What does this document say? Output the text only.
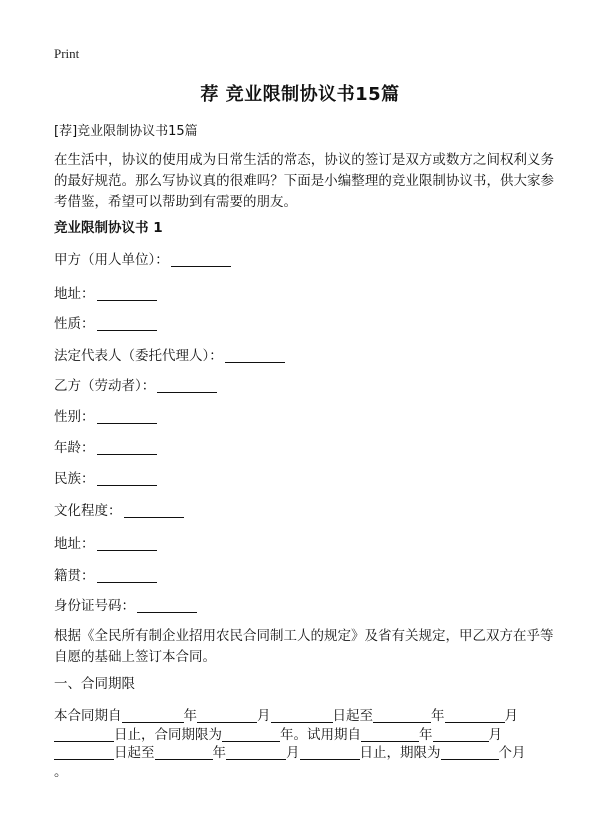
Print
荐 竞业限制协议书15篇
[荐]竞业限制协议书15篇
在生活中，协议的使用成为日常生活的常态，协议的签订是双方或数方之间权利义务的最好规范。那么写协议真的很难吗？下面是小编整理的竞业限制协议书，供大家参考借鉴，希望可以帮助到有需要的朋友。
竞业限制协议书 1
甲方（用人单位）：
地址：
性质：
法定代表人（委托代理人）：
乙方（劳动者）：
性别：
年龄：
民族：
文化程度：
地址：
籍贯：
身份证号码：
根据《全民所有制企业招用农民合同制工人的规定》及省有关规定，甲乙双方在乎等自愿的基础上签订本合同。
一、合同期限
本合同期自	年	月	日起至	年	月
日止，合同期限为	年。试用期自	年	月
日起至	年	月	日止，期限为	个月
。
